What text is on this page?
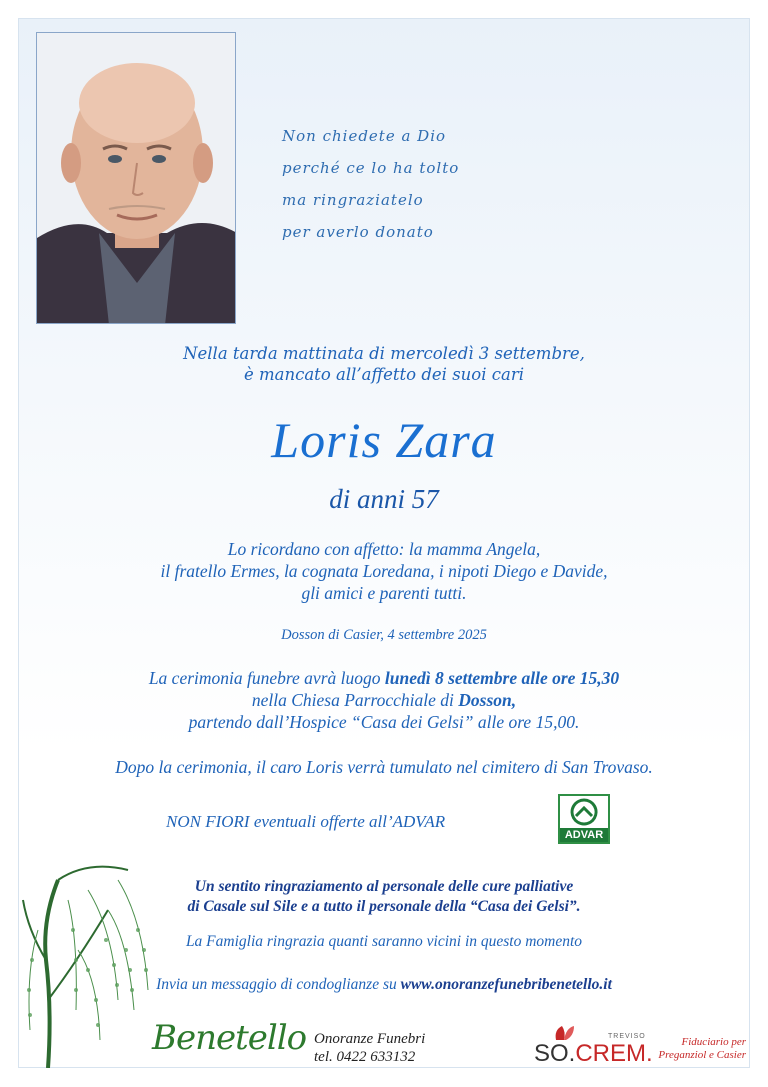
Non chiedete a Dio
perché ce lo ha tolto
ma ringraziatelo
per averlo donato
Nella tarda mattinata di mercoledì 3 settembre,
è mancato all’affetto dei suoi cari
Loris Zara
di anni 57
Lo ricordano con affetto: la mamma Angela,
il fratello Ermes, la cognata Loredana, i nipoti Diego e Davide,
gli amici e parenti tutti.
Dosson di Casier, 4 settembre 2025
La cerimonia funebre avrà luogo lunedì 8 settembre alle ore 15,30
nella Chiesa Parrocchiale di Dosson,
partendo dall’Hospice “Casa dei Gelsi” alle ore 15,00.
Dopo la cerimonia, il caro Loris verrà tumulato nel cimitero di San Trovaso.
NON FIORI eventuali offerte all’ADVAR
ADVAR
Un sentito ringraziamento al personale delle cure palliative
di Casale sul Sile e a tutto il personale della “Casa dei Gelsi”.
La Famiglia ringrazia quanti saranno vicini in questo momento
Invia un messaggio di condoglianze su www.onoranzefunebribenetello.it
Benetello Onoranze Funebri
tel. 0422 633132
TREVISO
SO.CREM.	Fiduciario per
Preganziol e Casier
